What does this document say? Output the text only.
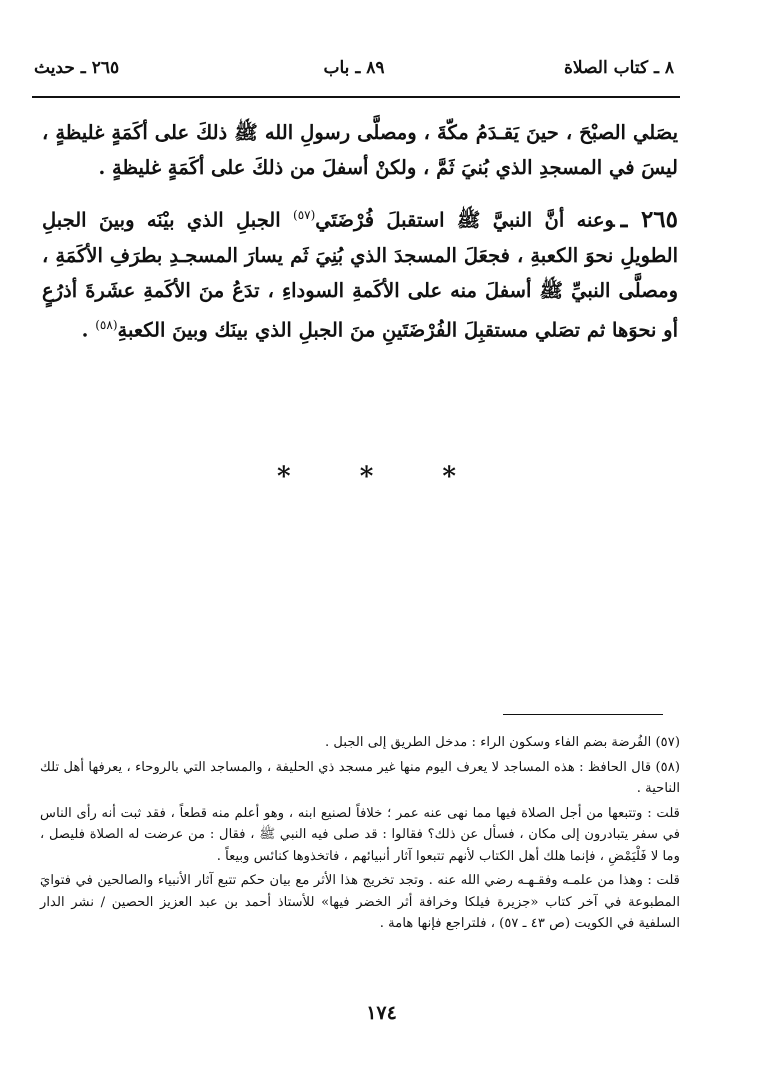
٨ ـ كتاب الصلاة
٨٩ ـ باب
٢٦٥ ـ حديث

يصَلي الصبْحَ ، حينَ يَقـدَمُ مكّةَ ، ومصلَّى رسولِ الله ﷺ ذلكَ على أكَمَةٍ غليظةٍ ، ليسَ في المسجدِ الذي بُنيَ ثَمَّ ، ولكنْ أسفلَ من ذلكَ على أكَمَةٍ غليظةٍ .

٢٦٥ ـوعنه أنَّ النبيَّ ﷺ استقبلَ فُرْضَتَي$^{(٥٧)}$ الجبلِ الذي بيْنَه وبينَ الجبلِ الطويلِ نحوَ الكعبةِ ، فجعَلَ المسجدَ الذي بُنِيَ ثَم يسارَ المسجـدِ بطرَفِ الأكَمَةِ ، ومصلَّى النبيِّ ﷺ أسفلَ منه على الأكَمةِ السوداءِ ، تدَعُ منَ الأكَمةِ عشَرةَ أذرُعٍ أو نحوَها ثم تصَلي مستقبِلَ الفُرْضَتَينِ منَ الجبلِ الذي بينَك وبينَ الكعبةِ$^{(٥٨)}$ .

* * *

(٥٧) الفُرضة بضم الفاء وسكون الراء : مدخل الطريق إلى الجبل .

(٥٨) قال الحافظ : هذه المساجد لا يعرف اليوم منها غير مسجد ذي الحليفة ، والمساجد التي بالروحاء ، يعرفها أهل تلك الناحية .

قلت : وتتبعها من أجل الصلاة فيها مما نهى عنه عمر ؛ خلافاً لصنيع ابنه ، وهو أعلم منه قطعاً ، فقد ثبت أنه رأى الناس في سفر يتبادرون إلى مكان ، فسأل عن ذلك؟ فقالوا : قد صلى فيه النبي ﷺ ، فقال : من عرضت له الصلاة فليصل ، وما لا فَلْيَمْضِ ، فإنما هلك أهل الكتاب لأنهم تتبعوا آثار أنبيائهم ، فاتخذوها كنائس وبيعاً .

قلت : وهذا من علمـه وفقـهـه رضي الله عنه . وتجد تخريج هذا الأثر مع بيان حكم تتبع آثار الأنبياء والصالحين في فتوايَ المطبوعة في آخر كتاب «جزيرة فيلكا وخرافة أثر الخضر فيها» للأستاذ أحمد بن عبد العزيز الحصين / نشر الدار السلفية في الكويت (ص ٤٣ ـ ٥٧) ، فلتراجع فإنها هامة .

١٧٤
